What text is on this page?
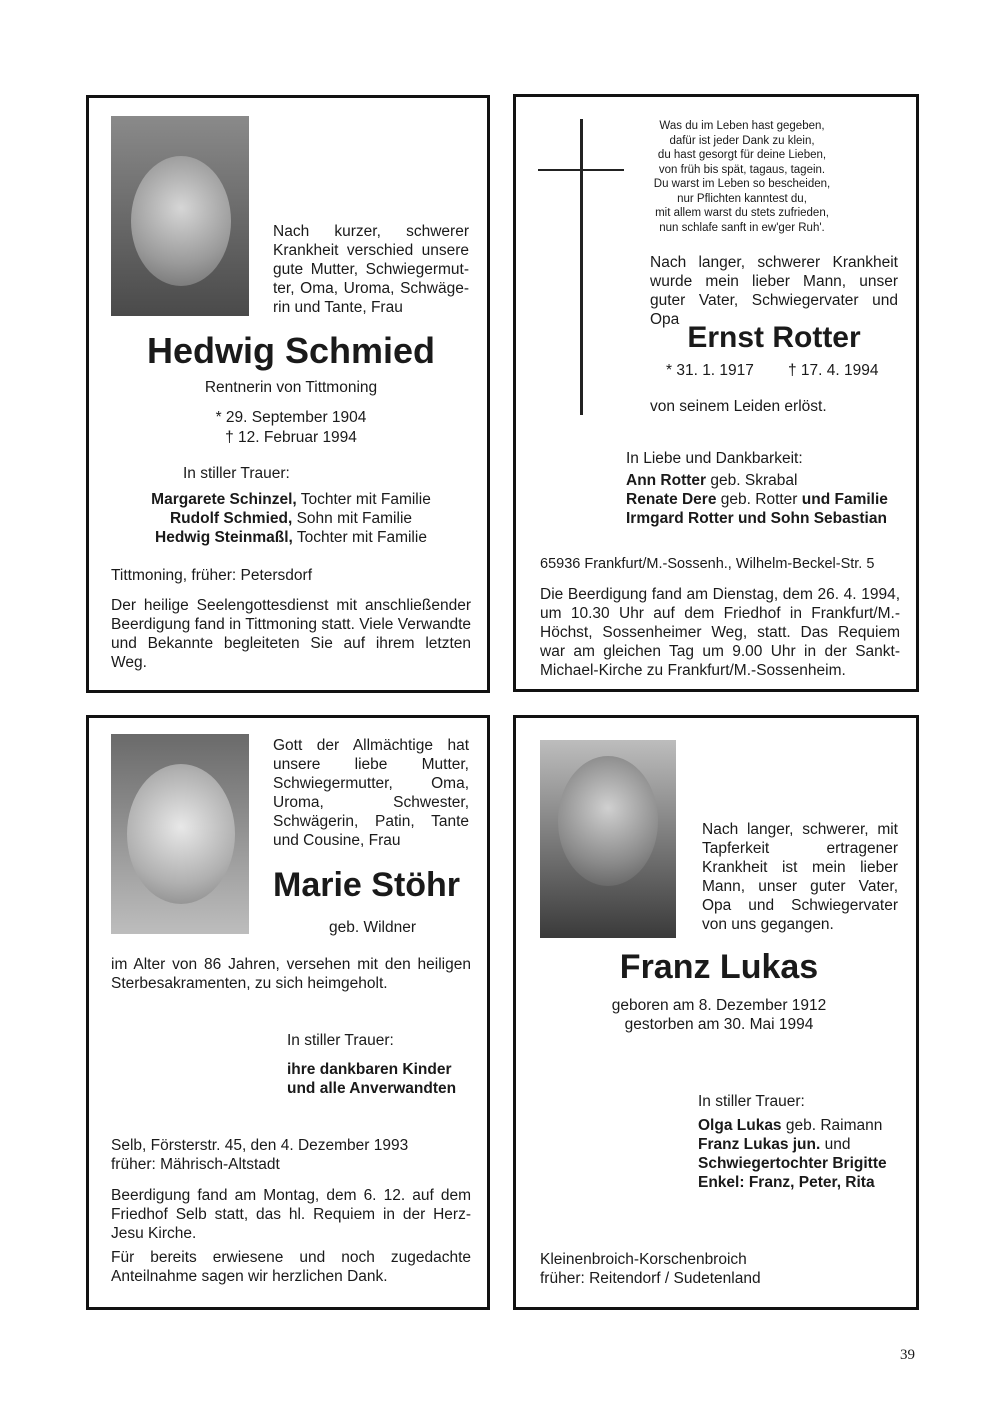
Nach kurzer, schwerer Krankheit verschied unsere gute Mutter, Schwiegermut-ter, Oma, Uroma, Schwäge-rin und Tante, Frau
Hedwig Schmied
Rentnerin von Tittmoning
* 29. September 1904
† 12. Februar 1994
In stiller Trauer:
Margarete Schinzel, Tochter mit Familie
Rudolf Schmied, Sohn mit Familie
Hedwig Steinmaßl, Tochter mit Familie
Tittmoning, früher: Petersdorf
Der heilige Seelengottesdienst mit anschließender Beerdigung fand in Tittmoning statt. Viele Verwandte und Bekannte begleiteten Sie auf ihrem letzten Weg.
Was du im Leben hast gegeben,
dafür ist jeder Dank zu klein,
du hast gesorgt für deine Lieben,
von früh bis spät, tagaus, tagein.
Du warst im Leben so bescheiden,
nur Pflichten kanntest du,
mit allem warst du stets zufrieden,
nun schlafe sanft in ew'ger Ruh'.
Nach langer, schwerer Krankheit wurde mein lieber Mann, unser guter Vater, Schwiegervater und Opa
Ernst Rotter
* 31. 1. 1917 † 17. 4. 1994
von seinem Leiden erlöst.
In Liebe und Dankbarkeit:
Ann Rotter geb. Skrabal
Renate Dere geb. Rotter und Familie
Irmgard Rotter und Sohn Sebastian
65936 Frankfurt/M.-Sossenh., Wilhelm-Beckel-Str. 5
Die Beerdigung fand am Dienstag, dem 26. 4. 1994, um 10.30 Uhr auf dem Friedhof in Frankfurt/M.-Höchst, Sossenheimer Weg, statt. Das Requiem war am gleichen Tag um 9.00 Uhr in der Sankt-Michael-Kirche zu Frankfurt/M.-Sossenheim.
Gott der Allmächtige hat unsere liebe Mutter, Schwiegermutter, Oma, Uroma, Schwester, Schwägerin, Patin, Tante und Cousine, Frau
Marie Stöhr
geb. Wildner
im Alter von 86 Jahren, versehen mit den heiligen Sterbesakramenten, zu sich heimgeholt.
In stiller Trauer:
ihre dankbaren Kinder
und alle Anverwandten
Selb, Försterstr. 45, den 4. Dezember 1993
früher: Mährisch-Altstadt
Beerdigung fand am Montag, dem 6. 12. auf dem Friedhof Selb statt, das hl. Requiem in der Herz-Jesu Kirche.
Für bereits erwiesene und noch zugedachte Anteilnahme sagen wir herzlichen Dank.
Nach langer, schwerer, mit Tapferkeit ertragener Krankheit ist mein lieber Mann, unser guter Vater, Opa und Schwiegervater von uns gegangen.
Franz Lukas
geboren am 8. Dezember 1912
gestorben am 30. Mai 1994
In stiller Trauer:
Olga Lukas geb. Raimann
Franz Lukas jun. und
Schwiegertochter Brigitte
Enkel: Franz, Peter, Rita
Kleinenbroich-Korschenbroich
früher: Reitendorf / Sudetenland
39
